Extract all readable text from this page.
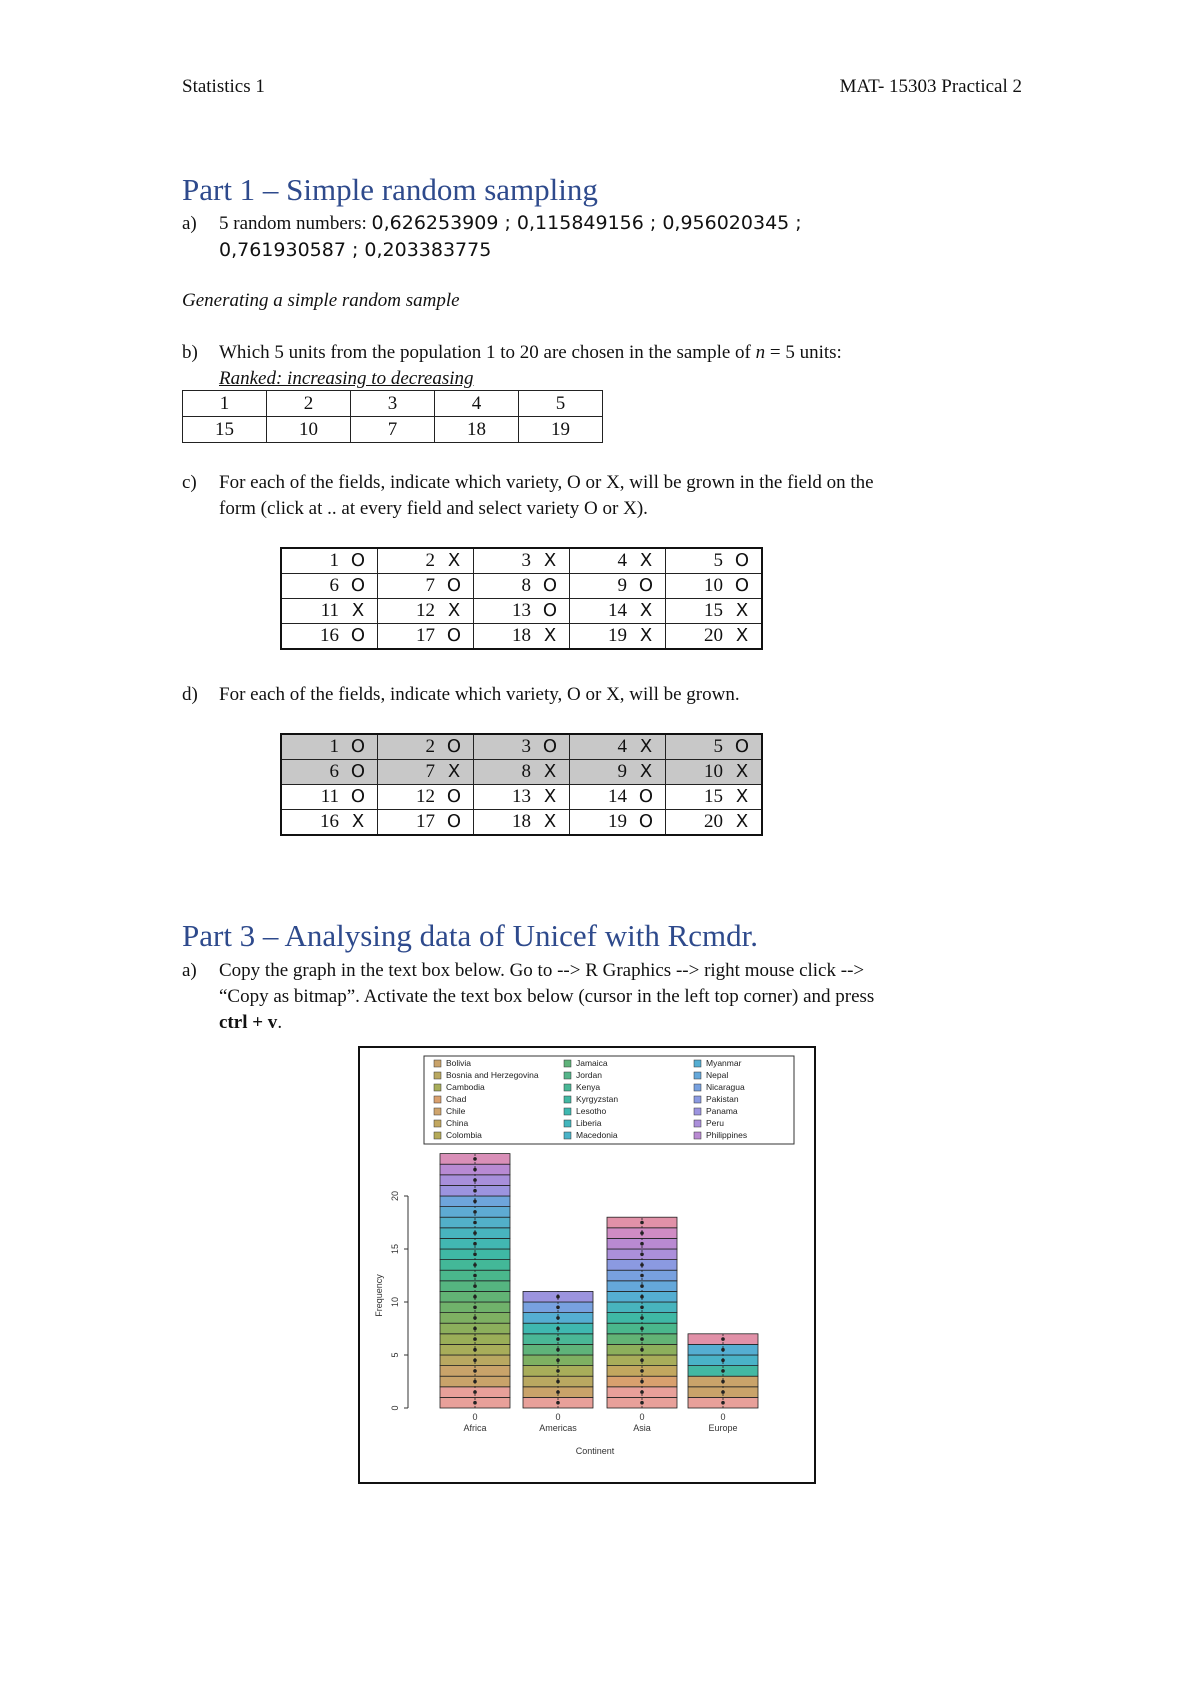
Statistics 1	MAT- 15303 Practical 2
Part 1 – Simple random sampling
a) 5 random numbers: 0,626253909 ; 0,115849156 ; 0,956020345 ;
0,761930587 ; 0,203383775
Generating a simple random sample
b) Which 5 units from the population 1 to 20 are chosen in the sample of n = 5 units:
Ranked: increasing to decreasing
1	2	3	4	5
15	10	7	18	19
c) For each of the fields, indicate which variety, O or X, will be grown in the field on the
form (click at .. at every field and select variety O or X).
1 O	2 X	3 X	4 X	5 O
6 O	7 O	8 O	9 O	10 O
11 X	12 X	13 O	14 X	15 X
16 O	17 O	18 X	19 X	20 X
d) For each of the fields, indicate which variety, O or X, will be grown.
1 O	2 O	3 O	4 X	5 O
6 O	7 X	8 X	9 X	10 X
11 O	12 O	13 X	14 O	15 X
16 X	17 O	18 X	19 O	20 X
Part 3 – Analysing data of Unicef with Rcmdr.
a) Copy the graph in the text box below. Go to --> R Graphics --> right mouse click -->
“Copy as bitmap”. Activate the text box below (cursor in the left top corner) and press
ctrl + v.
0
5
10
15
20
Frequency
0
Africa
0
Americas
0
Asia
0
Europe
Continent
Bolivia
Bosnia and Herzegovina
Cambodia
Chad
Chile
China
Colombia
Jamaica
Jordan
Kenya
Kyrgyzstan
Lesotho
Liberia
Macedonia
Myanmar
Nepal
Nicaragua
Pakistan
Panama
Peru
Philippines
